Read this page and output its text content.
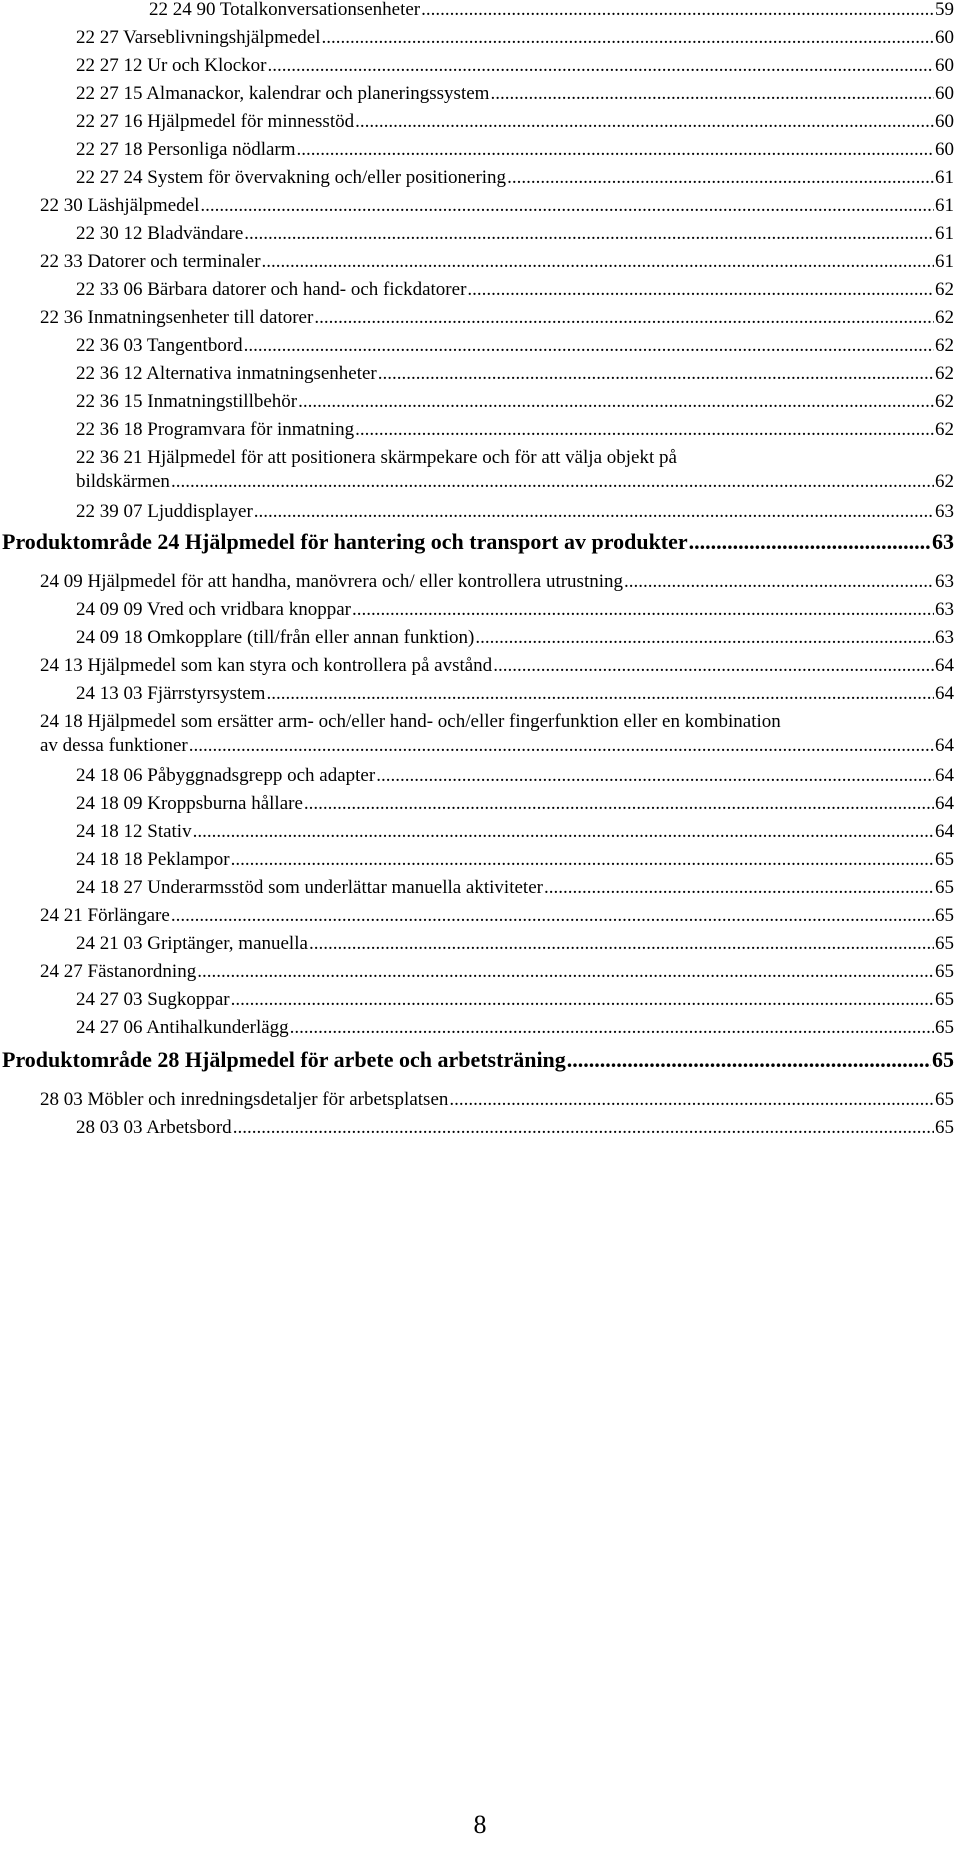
22 24 90 Totalkonversationsenheter .....	59
22 27 Varseblivningshjälpmedel .....	60
22 27 12 Ur och Klockor .....	60
22 27 15 Almanackor, kalendrar och planeringssystem .....	60
22 27 16 Hjälpmedel för minnesstöd .....	60
22 27 18 Personliga nödlarm .....	60
22 27 24 System för övervakning och/eller positionering .....	61
22 30 Läshjälpmedel .....	61
22 30 12 Bladvändare .....	61
22 33 Datorer och terminaler .....	61
22 33 06 Bärbara datorer och hand- och fickdatorer .....	62
22 36 Inmatningsenheter till datorer .....	62
22 36 03 Tangentbord .....	62
22 36 12 Alternativa inmatningsenheter .....	62
22 36 15 Inmatningstillbehör .....	62
22 36 18 Programvara för inmatning .....	62
22 36 21 Hjälpmedel för att positionera skärmpekare och för att välja objekt på
bildskärmen .....	62
22 39 07 Ljuddisplayer .....	63
Produktområde 24 Hjälpmedel för hantering och transport av produkter .....	63
24 09 Hjälpmedel för att handha, manövrera och/ eller kontrollera utrustning .....	63
24 09 09 Vred och vridbara knoppar .....	63
24 09 18 Omkopplare (till/från eller annan funktion) .....	63
24 13 Hjälpmedel som kan styra och kontrollera på avstånd .....	64
24 13 03 Fjärrstyrsystem .....	64
24 18 Hjälpmedel som ersätter arm- och/eller hand- och/eller fingerfunktion eller en kombination
av dessa funktioner .....	64
24 18 06 Påbyggnadsgrepp och adapter .....	64
24 18 09 Kroppsburna hållare .....	64
24 18 12 Stativ .....	64
24 18 18 Peklampor .....	65
24 18 27 Underarmsstöd som underlättar manuella aktiviteter .....	65
24 21 Förlängare .....	65
24 21 03 Griptänger, manuella .....	65
24 27 Fästanordning .....	65
24 27 03 Sugkoppar .....	65
24 27 06 Antihalkunderlägg .....	65
Produktområde 28 Hjälpmedel för arbete och arbetsträning .....	65
28 03 Möbler och inredningsdetaljer för arbetsplatsen .....	65
28 03 03 Arbetsbord .....	65
8
